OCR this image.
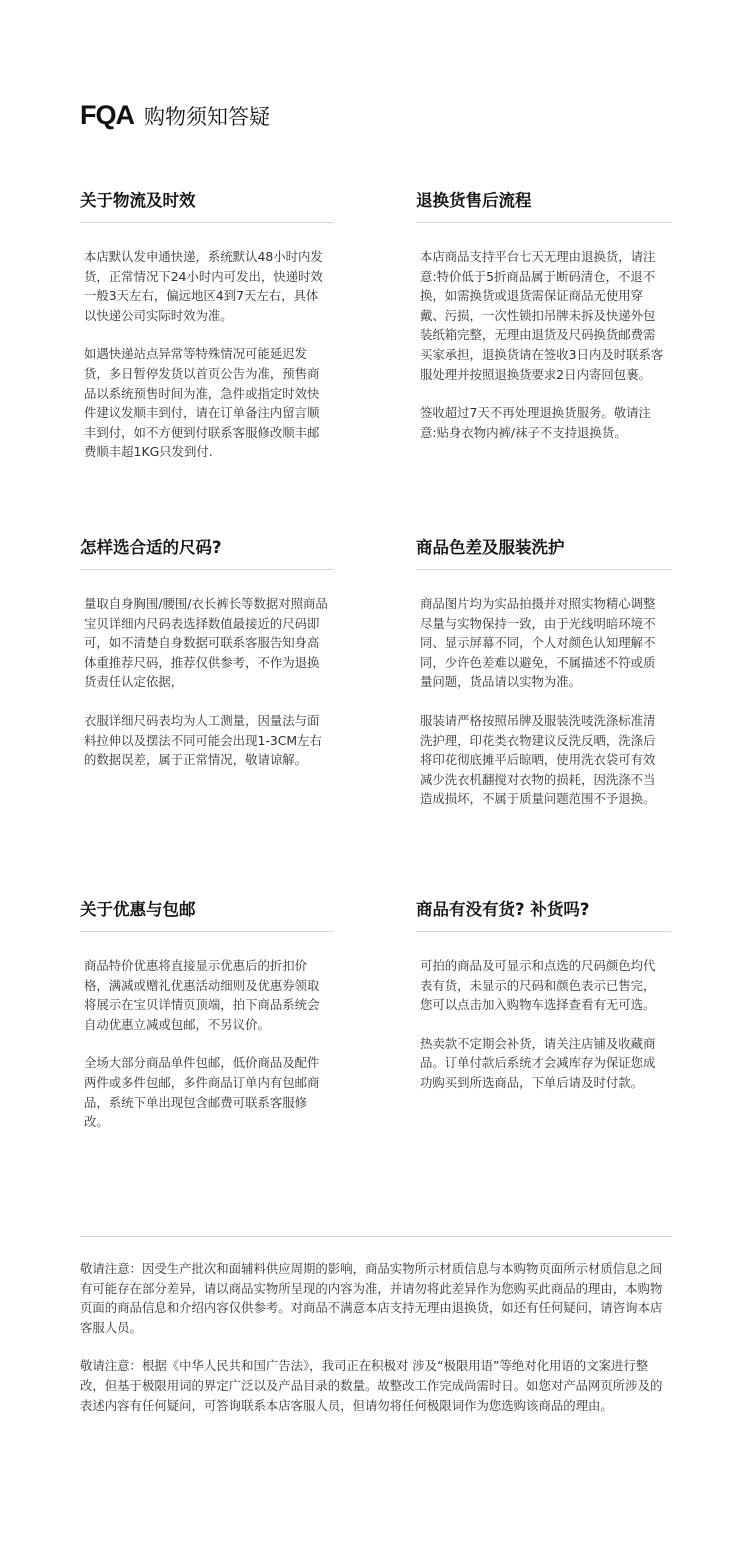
FQA 购物须知答疑
关于物流及时效

本店默认发申通快递，系统默认48小时内发货，正常情况下24小时内可发出，快递时效一般3天左右，偏远地区4到7天左右，具体以快递公司实际时效为准。

如遇快递站点异常等特殊情况可能延迟发货，多日暂停发货以首页公告为准，预售商品以系统预售时间为准，急件或指定时效快件建议发顺丰到付，请在订单备注内留言顺丰到付，如不方便到付联系客服修改顺丰邮费顺丰超1KG只发到付.

退换货售后流程

本店商品支持平台七天无理由退换货，请注意:特价低于5折商品属于断码清仓，不退不换，如需换货或退货需保证商品无使用穿戴、污损，一次性锁扣吊牌未拆及快递外包装纸箱完整，无理由退货及尺码换货邮费需买家承担，退换货请在签收3日内及时联系客服处理并按照退换货要求2日内寄回包裹。

签收超过7天不再处理退换货服务。敬请注意:贴身衣物内裤/袜子不支持退换货。

怎样选合适的尺码?

量取自身胸围/腰围/衣长裤长等数据对照商品宝贝详细内尺码表选择数值最接近的尺码即可，如不清楚自身数据可联系客服告知身高体重推荐尺码，推荐仅供参考，不作为退换货责任认定依据，

衣服详细尺码表均为人工测量，因量法与面料拉伸以及摆法不同可能会出现1-3CM左右的数据误差，属于正常情况，敬请谅解。

商品色差及服装洗护

商品图片均为实品拍摄并对照实物精心调整尽量与实物保持一致，由于光线明暗环境不同、显示屏幕不同，个人对颜色认知理解不同，少许色差难以避免，不属描述不符或质量问题，货品请以实物为准。

服装请严格按照吊牌及服装洗唛洗涤标准清洗护理，印花类衣物建议反洗反晒，洗涤后将印花彻底摊平后晾晒，使用洗衣袋可有效减少洗衣机翻搅对衣物的损耗，因洗涤不当造成损坏，不属于质量问题范围不予退换。

关于优惠与包邮

商品特价优惠将直接显示优惠后的折扣价格，满减或赠礼优惠活动细则及优惠券领取将展示在宝贝详情页顶端，拍下商品系统会自动优惠立减或包邮，不另议价。

全场大部分商品单件包邮，低价商品及配件两件或多件包邮，多件商品订单内有包邮商品，系统下单出现包含邮费可联系客服修改。

商品有没有货? 补货吗?

可拍的商品及可显示和点选的尺码颜色均代表有货，未显示的尺码和颜色表示已售完，您可以点击加入购物车选择查看有无可选。

热卖款不定期会补货，请关注店铺及收藏商品。订单付款后系统才会减库存为保证您成功购买到所选商品，下单后请及时付款。

敬请注意：因受生产批次和面辅料供应周期的影响，商品实物所示材质信息与本购物页面所示材质信息之间有可能存在部分差异，请以商品实物所呈现的内容为准，并请勿将此差异作为您购买此商品的理由，本购物页面的商品信息和介绍内容仅供参考。对商品不满意本店支持无理由退换货，如还有任何疑问，请咨询本店客服人员。

敬请注意：根据《中华人民共和国广告法》，我司正在积极对 涉及“极限用语”等绝对化用语的文案进行整改，但基于极限用词的界定广泛以及产品目录的数量。故整改工作完成尚需时日。如您对产品网页所涉及的表述内容有任何疑问，可答询联系本店客服人员，但请勿将任何极限词作为您选购该商品的理由。
